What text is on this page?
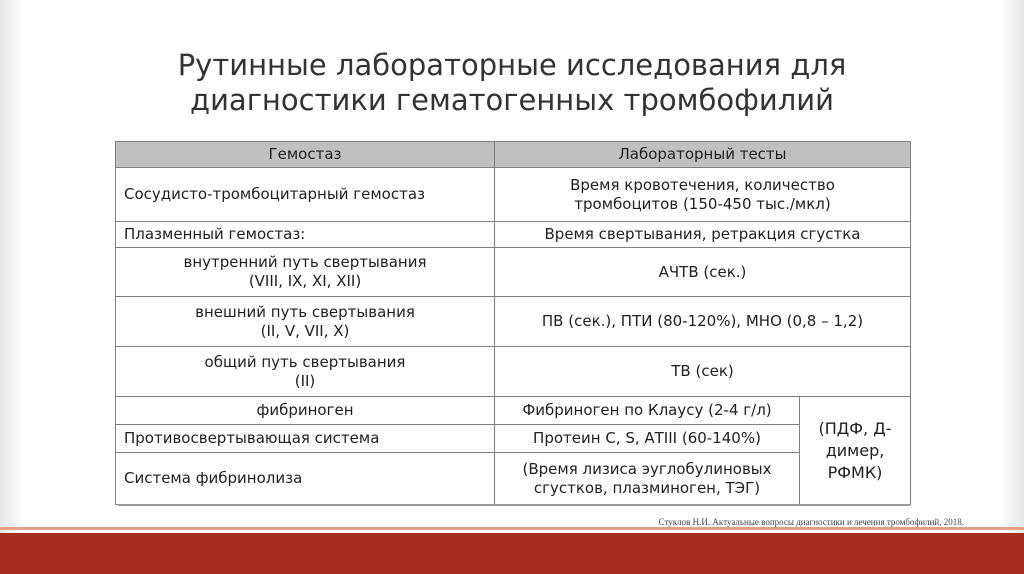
Рутинные лабораторные исследования для
диагностики гематогенных тромбофилий
Гемостаз	Лабораторный тесты	
Сосудисто-тромбоцитарный гемостаз	Время кровотечения, количество
тромбоцитов (150-450 тыс./мкл)	
Плазменный гемостаз:	Время свертывания, ретракция сгустка	
внутренний путь свертывания
(VIII, IX, XI, XII)	АЧТВ (сек.)	
внешний путь свертывания
(II, V, VII, X)	ПВ (сек.), ПТИ (80-120%), МНО (0,8 – 1,2)	
общий путь свертывания
(II)	ТВ (сек)	
фибриноген	Фибриноген по Клаусу (2-4 г/л)	(ПДФ, Д-
димер,
РФМК)
Противосвертывающая система	Протеин С, S, АТIII (60-140%)	
Система фибринолиза	(Время лизиса эуглобулиновых
сгустков, плазминоген, ТЭГ)	
Стуклов Н.И. Актуальные вопросы диагностики и лечения тромбофилий, 2018.
